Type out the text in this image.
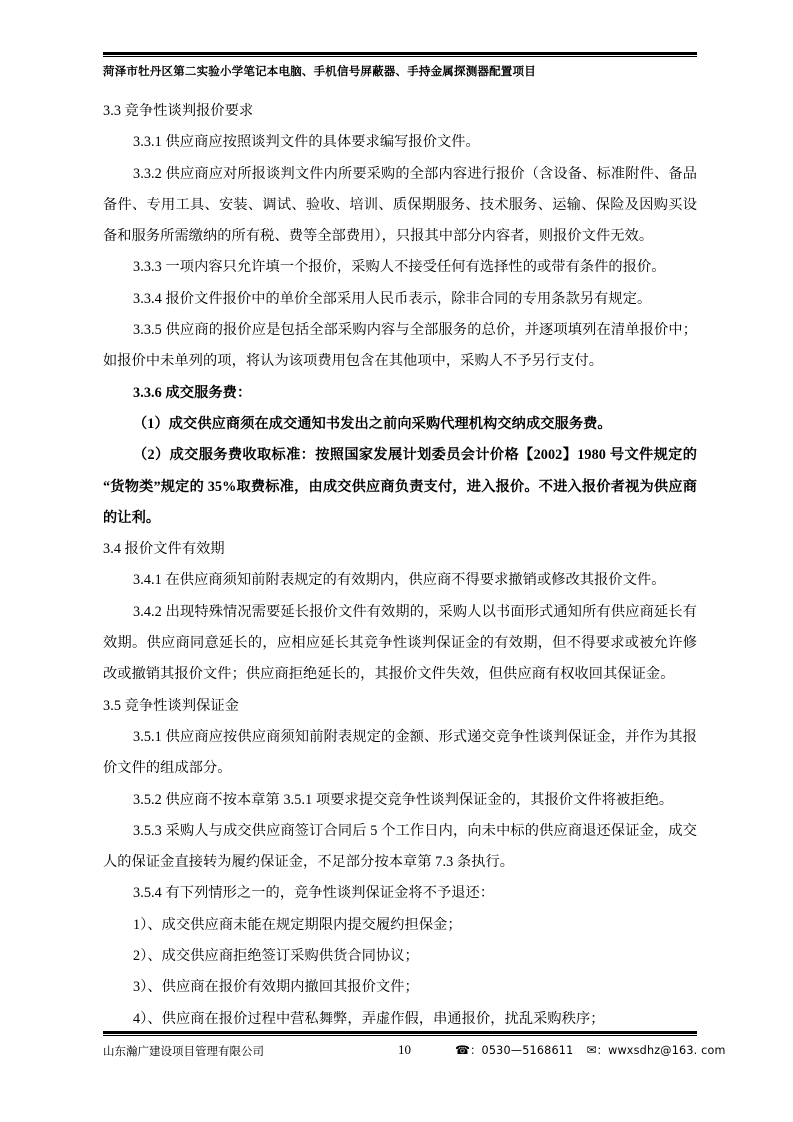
菏泽市牡丹区第二实验小学笔记本电脑、手机信号屏蔽器、手持金属探测器配置项目

3.3 竞争性谈判报价要求

3.3.1 供应商应按照谈判文件的具体要求编写报价文件。

3.3.2 供应商应对所报谈判文件内所要采购的全部内容进行报价（含设备、标准附件、备品备件、专用工具、安装、调试、验收、培训、质保期服务、技术服务、运输、保险及因购买设备和服务所需缴纳的所有税、费等全部费用），只报其中部分内容者，则报价文件无效。

3.3.3 一项内容只允许填一个报价，采购人不接受任何有选择性的或带有条件的报价。

3.3.4 报价文件报价中的单价全部采用人民币表示，除非合同的专用条款另有规定。

3.3.5 供应商的报价应是包括全部采购内容与全部服务的总价，并逐项填列在清单报价中；如报价中未单列的项，将认为该项费用包含在其他项中，采购人不予另行支付。

3.3.6 成交服务费：

（1）成交供应商须在成交通知书发出之前向采购代理机构交纳成交服务费。

（2）成交服务费收取标准：按照国家发展计划委员会计价格【2002】1980 号文件规定的“货物类”规定的 35%取费标准，由成交供应商负责支付，进入报价。不进入报价者视为供应商的让利。

3.4 报价文件有效期

3.4.1 在供应商须知前附表规定的有效期内，供应商不得要求撤销或修改其报价文件。

3.4.2 出现特殊情况需要延长报价文件有效期的，采购人以书面形式通知所有供应商延长有效期。供应商同意延长的，应相应延长其竞争性谈判保证金的有效期，但不得要求或被允许修改或撤销其报价文件；供应商拒绝延长的，其报价文件失效，但供应商有权收回其保证金。

3.5 竞争性谈判保证金

3.5.1 供应商应按供应商须知前附表规定的金额、形式递交竞争性谈判保证金，并作为其报价文件的组成部分。

3.5.2 供应商不按本章第 3.5.1 项要求提交竞争性谈判保证金的，其报价文件将被拒绝。

3.5.3 采购人与成交供应商签订合同后 5 个工作日内，向未中标的供应商退还保证金，成交人的保证金直接转为履约保证金，不足部分按本章第 7.3 条执行。

3.5.4 有下列情形之一的，竞争性谈判保证金将不予退还：

1）、成交供应商未能在规定期限内提交履约担保金；

2）、成交供应商拒绝签订采购供货合同协议；

3）、供应商在报价有效期内撤回其报价文件；

4）、供应商在报价过程中营私舞弊，弄虚作假，串通报价，扰乱采购秩序；

山东瀚广建设项目管理有限公司	10	☎：0530—5168611 ✉：wwxsdhz@163. com
